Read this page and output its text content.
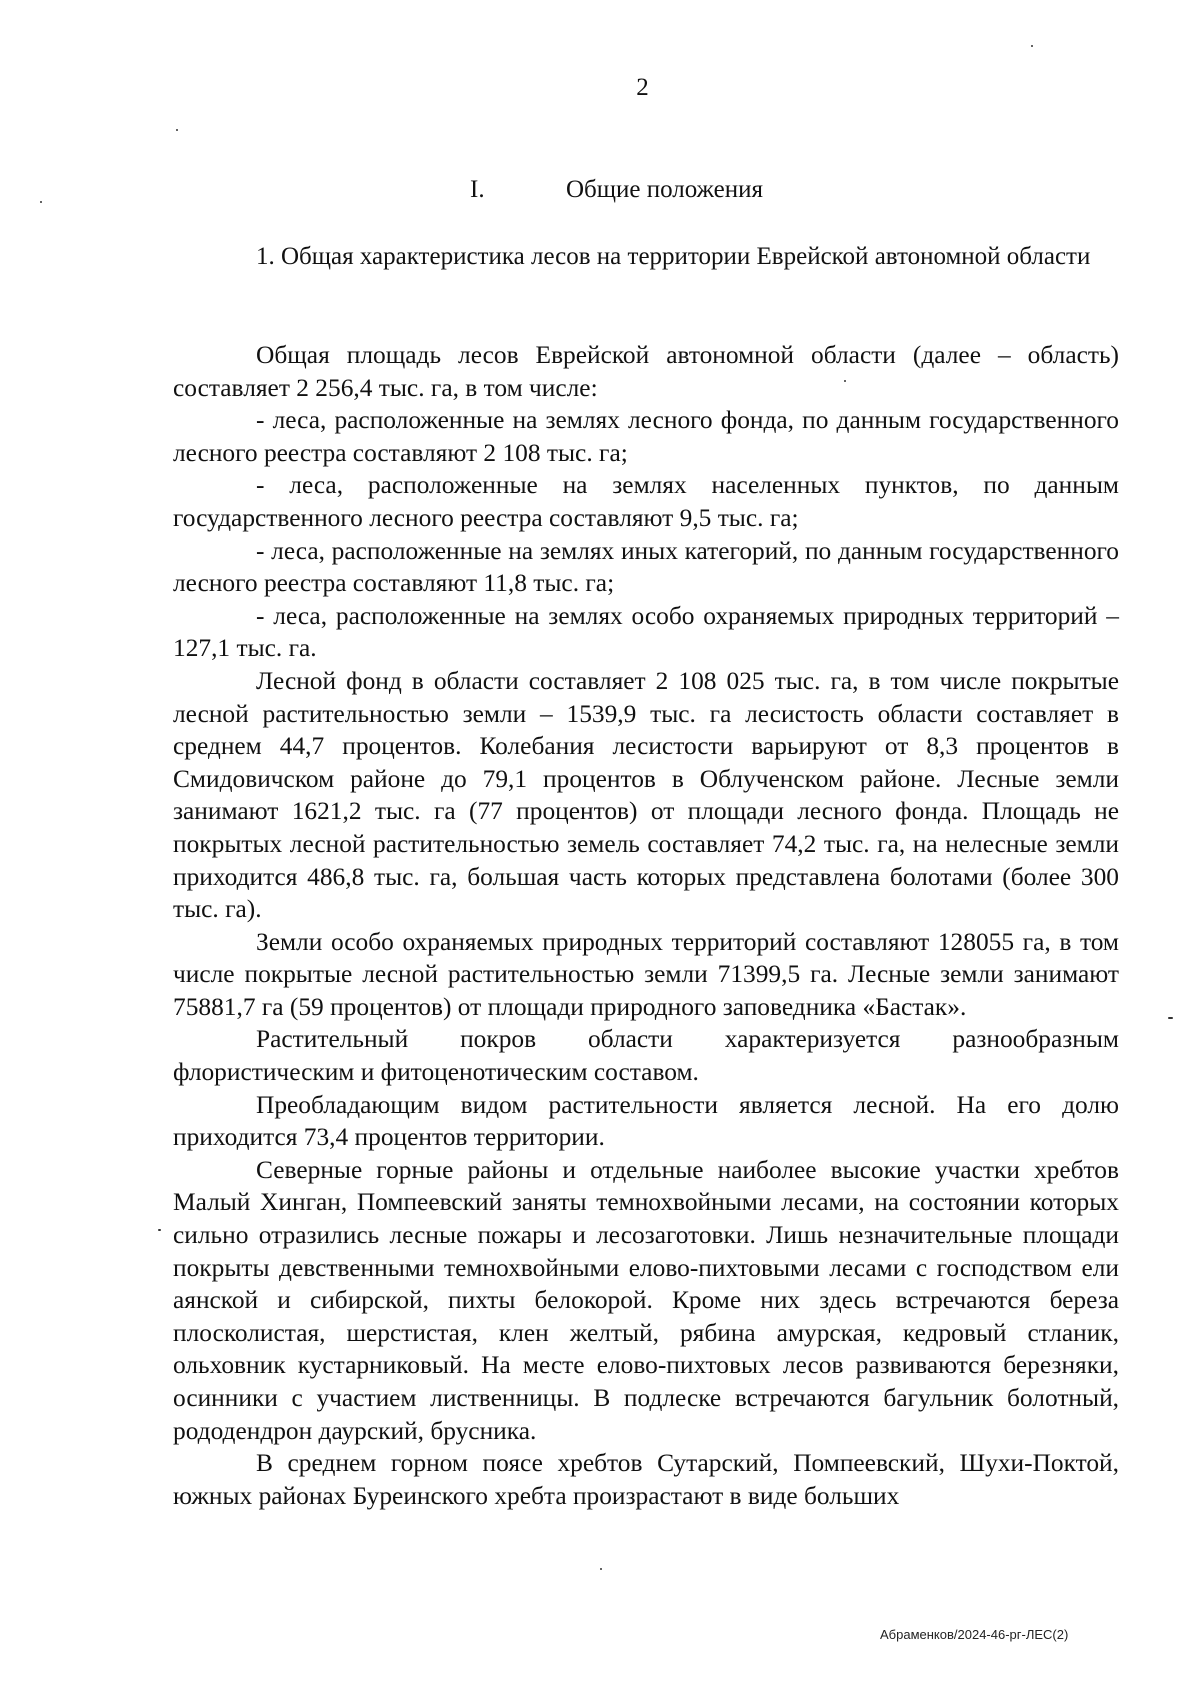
2
I.	Общие положения
1. Общая характеристика лесов на территории Еврейской автономной области

Общая площадь лесов Еврейской автономной области (далее – область) составляет 2 256,4 тыс. га, в том числе:

- леса, расположенные на землях лесного фонда, по данным государственного лесного реестра составляют 2 108 тыс. га;

- леса, расположенные на землях населенных пунктов, по данным государственного лесного реестра составляют 9,5 тыс. га;

- леса, расположенные на землях иных категорий, по данным государственного лесного реестра составляют 11,8 тыс. га;

- леса, расположенные на землях особо охраняемых природных территорий – 127,1 тыс. га.

Лесной фонд в области составляет 2 108 025 тыс. га, в том числе покрытые лесной растительностью земли – 1539,9 тыс. га лесистость области составляет в среднем 44,7 процентов. Колебания лесистости варьируют от 8,3 процентов в Смидовичском районе до 79,1 процентов в Облученском районе. Лесные земли занимают 1621,2 тыс. га (77 процентов) от площади лесного фонда. Площадь не покрытых лесной растительностью земель составляет 74,2 тыс. га, на нелесные земли приходится 486,8 тыс. га, большая часть которых представлена болотами (более 300 тыс. га).

Земли особо охраняемых природных территорий составляют 128055 га, в том числе покрытые лесной растительностью земли 71399,5 га. Лесные земли занимают 75881,7 га (59 процентов) от площади природного заповедника «Бастак».

Растительный покров области характеризуется разнообразным флористическим и фитоценотическим составом.

Преобладающим видом растительности является лесной. На его долю приходится 73,4 процентов территории.

Северные горные районы и отдельные наиболее высокие участки хребтов Малый Хинган, Помпеевский заняты темнохвойными лесами, на состоянии которых сильно отразились лесные пожары и лесозаготовки. Лишь незначительные площади покрыты девственными темнохвойными елово-пихтовыми лесами с господством ели аянской и сибирской, пихты белокорой. Кроме них здесь встречаются береза плосколистая, шерстистая, клен желтый, рябина амурская, кедровый стланик, ольховник кустарниковый. На месте елово-пихтовых лесов развиваются березняки, осинники с участием лиственницы. В подлеске встречаются багульник болотный, рододендрон даурский, брусника.

В среднем горном поясе хребтов Сутарский, Помпеевский, Шухи-Поктой, южных районах Буреинского хребта произрастают в виде больших

Абраменков/2024-46-рг-ЛЕС(2)
